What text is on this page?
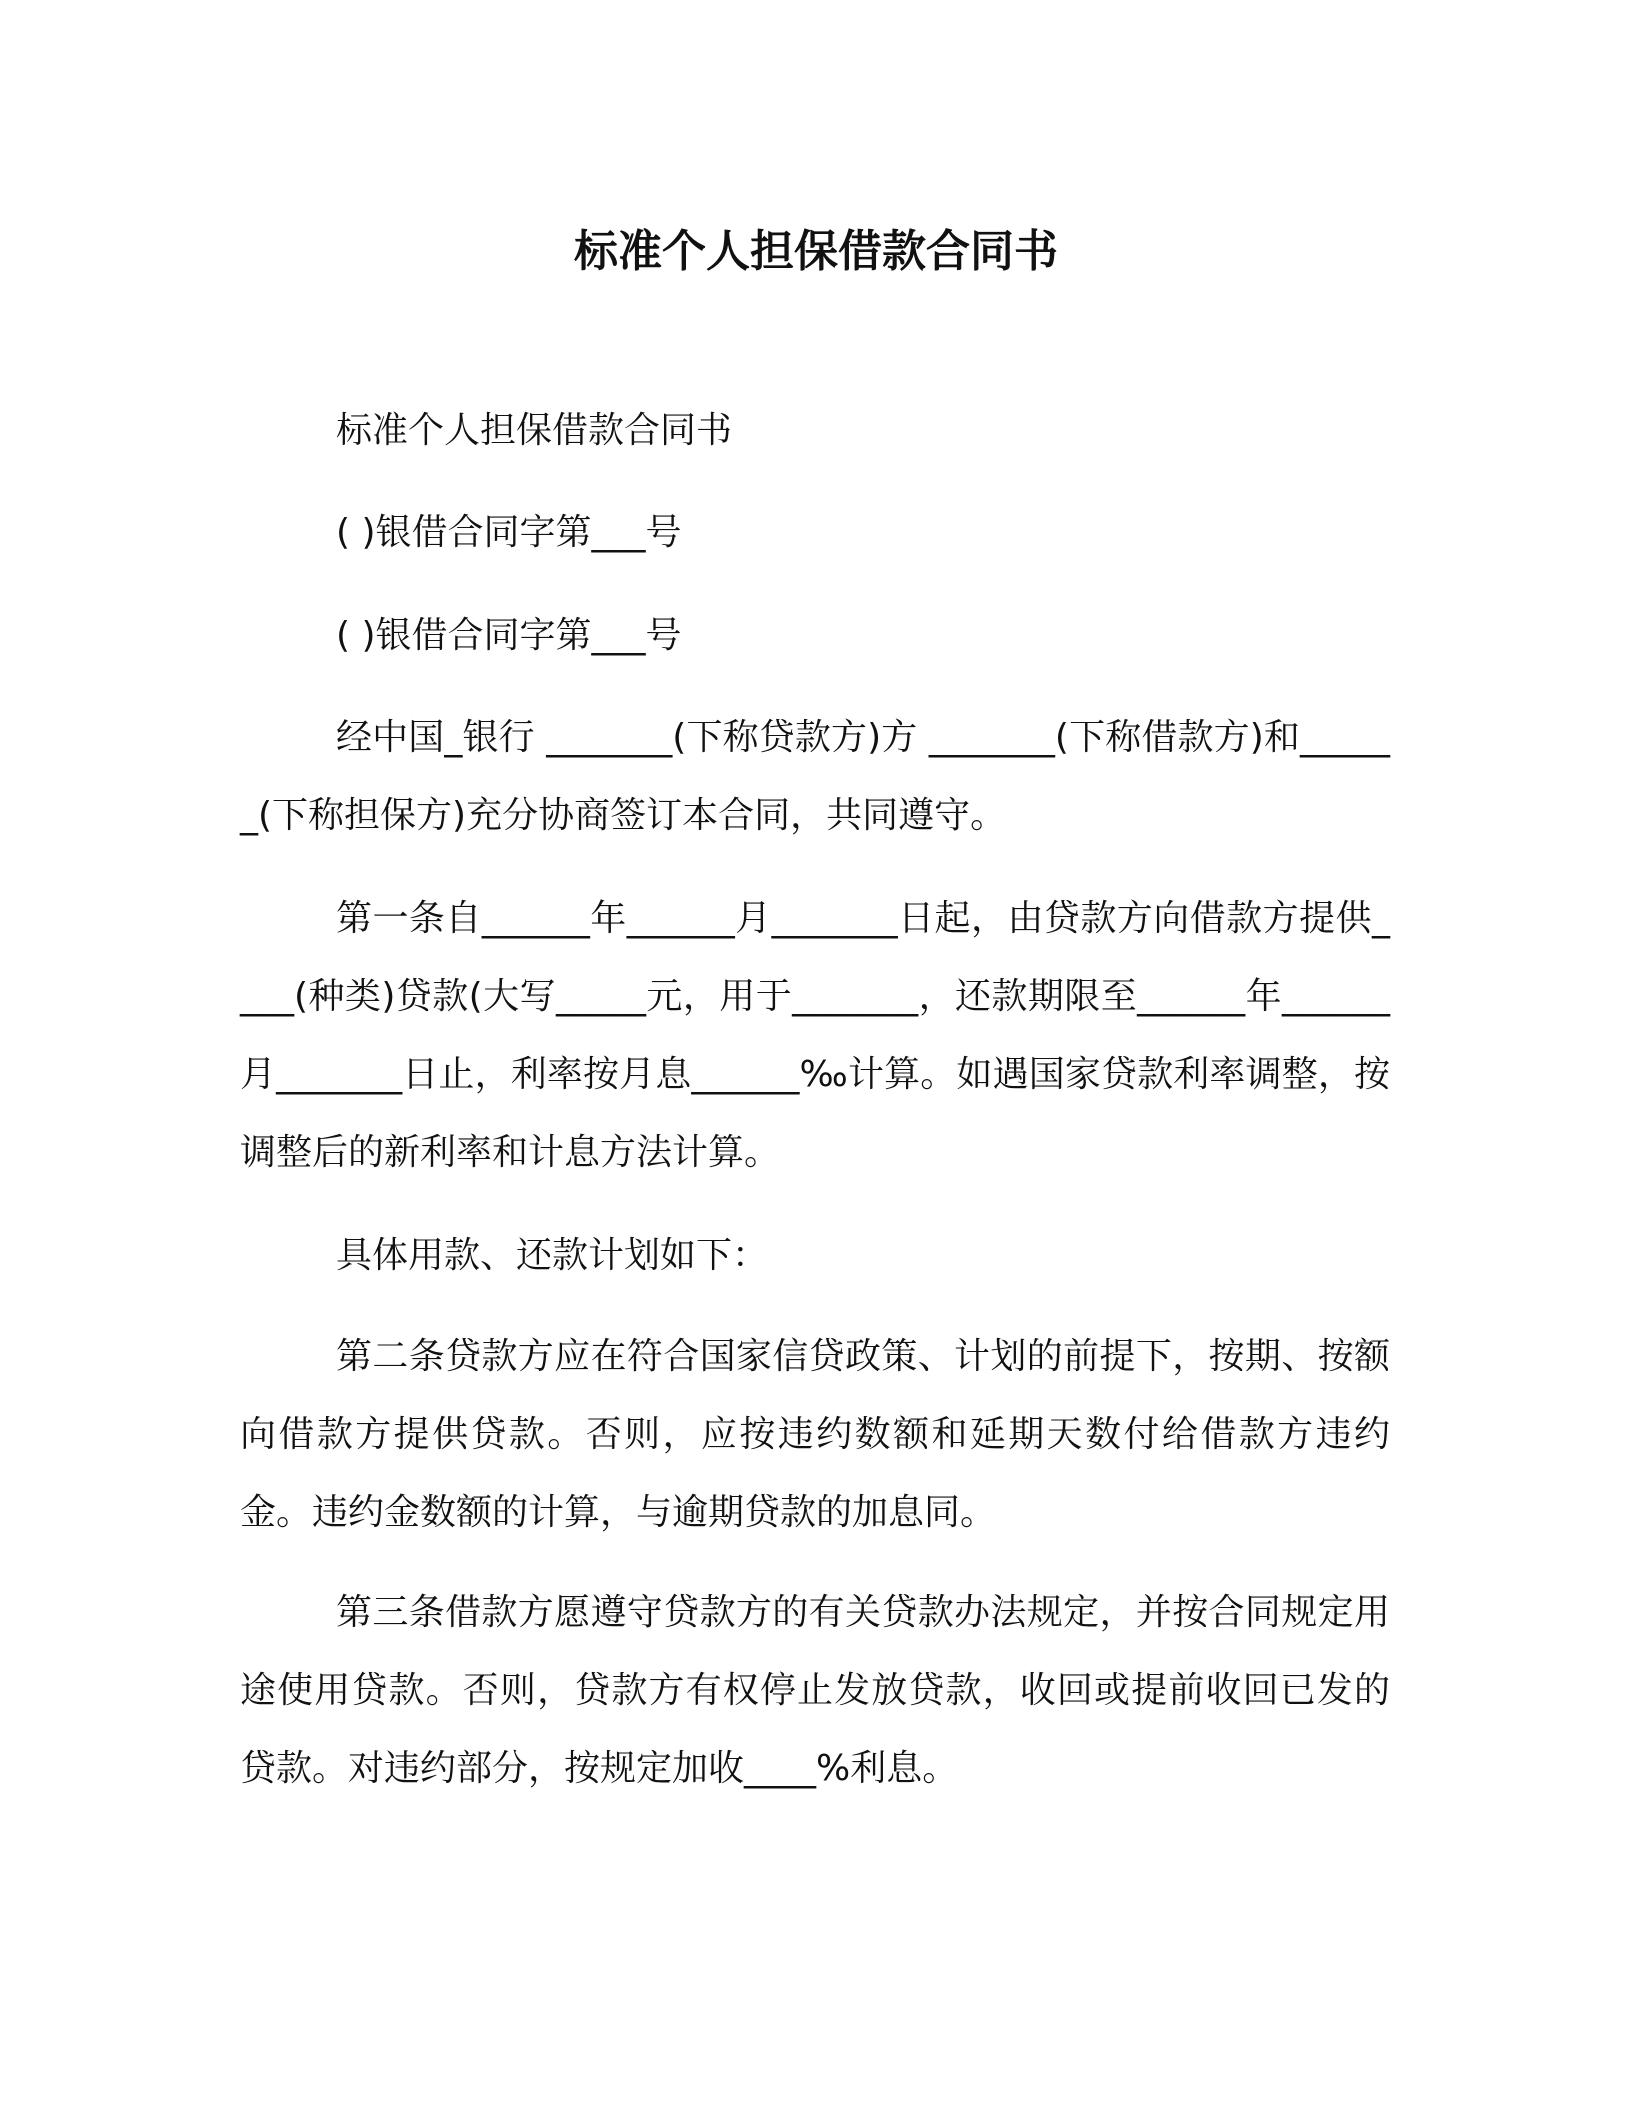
标准个人担保借款合同书

标准个人担保借款合同书

( )银借合同字第___号

( )银借合同字第___号

经中国_银行 _______(下称贷款方)方 _______(下称借款方)和______(下称担保方)充分协商签订本合同，共同遵守。

第一条自______年______月_______日起，由贷款方向借款方提供____(种类)贷款(大写_____元，用于_______，还款期限至______年______月_______日止，利率按月息______‰计算。如遇国家贷款利率调整，按调整后的新利率和计息方法计算。

具体用款、还款计划如下：

第二条贷款方应在符合国家信贷政策、计划的前提下，按期、按额向借款方提供贷款。否则，应按违约数额和延期天数付给借款方违约金。违约金数额的计算，与逾期贷款的加息同。

第三条借款方愿遵守贷款方的有关贷款办法规定，并按合同规定用途使用贷款。否则，贷款方有权停止发放贷款，收回或提前收回已发的贷款。对违约部分，按规定加收____%利息。
